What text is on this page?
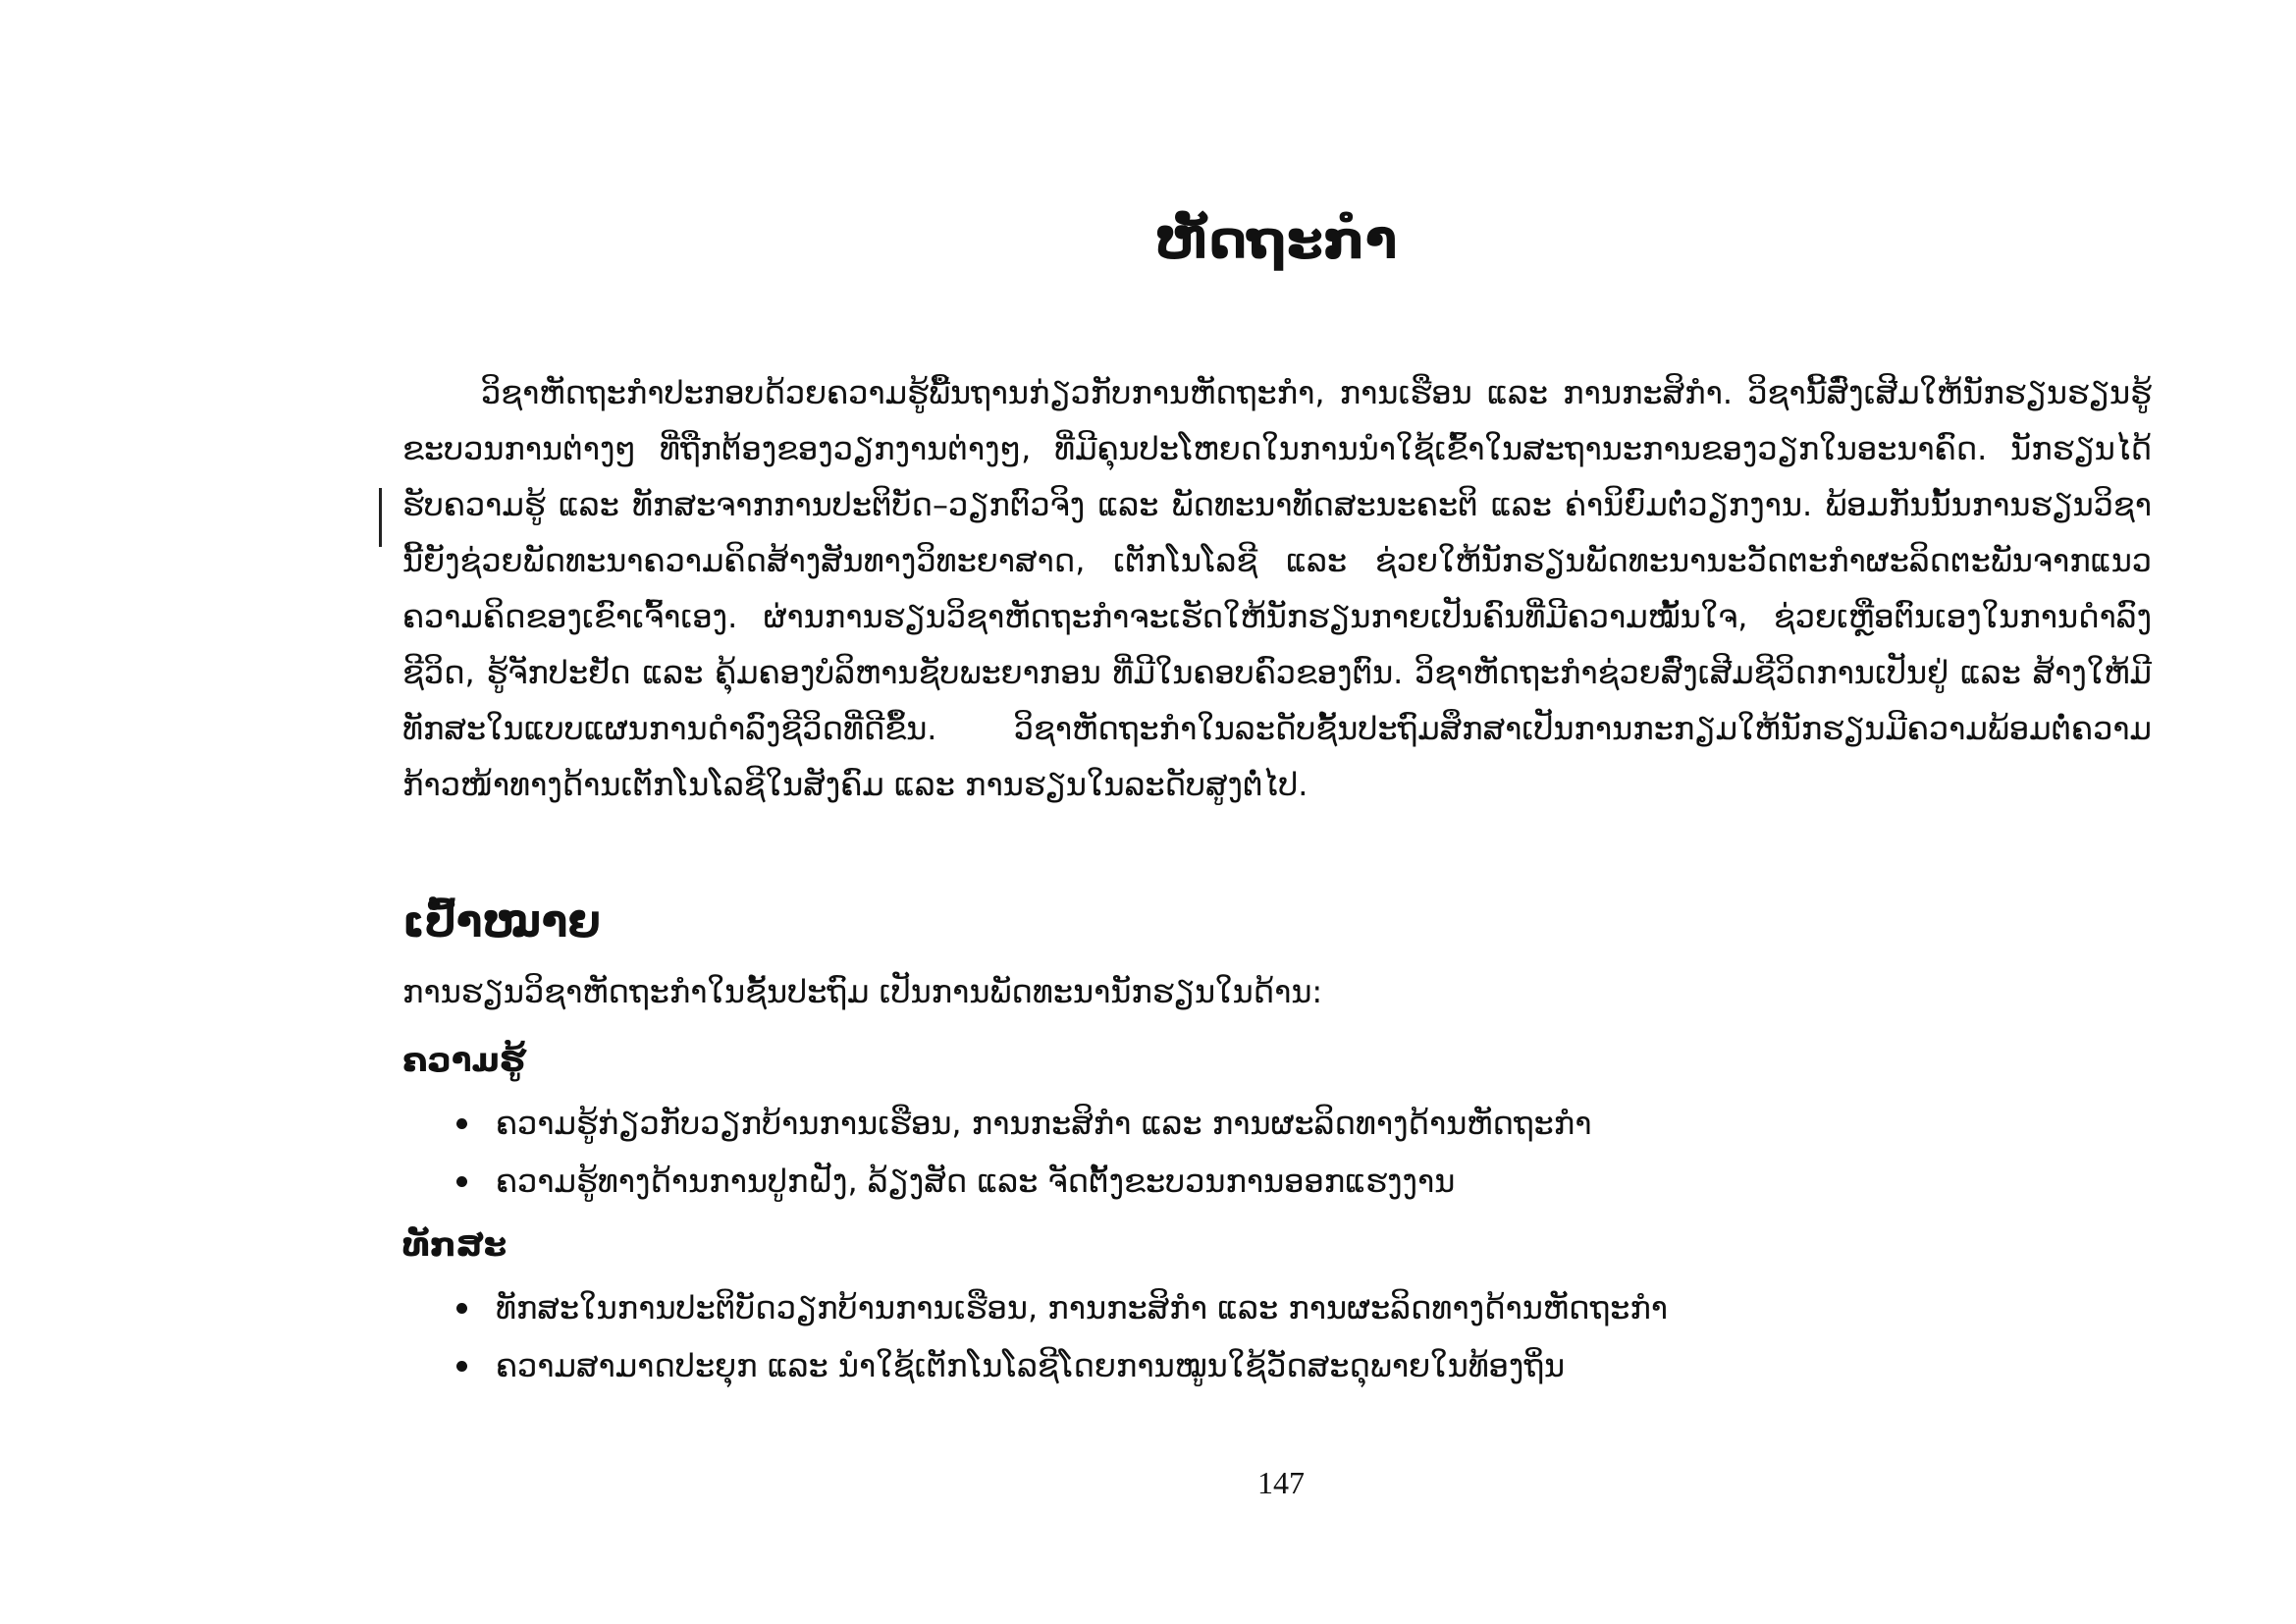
ຫັດຖະກຳ

ວິຊາຫັດຖະກຳປະກອບດ້ວຍຄວາມຮູ້ພື້ນຖານກ່ຽວກັບການຫັດຖະກຳ, ການເຮືອນ ແລະ ການກະສິກຳ. ວິຊານີ້ສົ່ງເສີມໃຫ້ນັກຮຽນຮຽນຮູ້ຂະບວນການຕ່າງໆ ທີ່ຖືກຕ້ອງຂອງວຽກງານຕ່າງໆ, ທີ່ມີຄຸນປະໂຫຍດໃນການນຳໃຊ້ເຂົ້າໃນສະຖານະການຂອງວຽກໃນອະນາຄົດ. ນັກຮຽນໄດ້ຮັບຄວາມຮູ້ ແລະ ທັກສະຈາກການປະຕິບັດ–ວຽກຕົວຈິງ ແລະ ພັດທະນາທັດສະນະຄະຕິ ແລະ ຄ່ານິຍົມຕໍ່ວຽກງານ. ພ້ອມກັນນັ້ນການຮຽນວິຊານີ້ຍັງຊ່ວຍພັດທະນາຄວາມຄິດສ້າງສັນທາງວິທະຍາສາດ, ເຕັກໂນໂລຊີ ແລະ ຊ່ວຍໃຫ້ນັກຮຽນພັດທະນານະວັດຕະກຳຜະລິດຕະພັນຈາກແນວຄວາມຄິດຂອງເຂົາເຈົ້າເອງ. ຜ່ານການຮຽນວິຊາຫັດຖະກຳຈະເຮັດໃຫ້ນັກຮຽນກາຍເປັນຄົນທີ່ມີຄວາມໝັ້ນໃຈ, ຊ່ວຍເຫຼືອຕົນເອງໃນການດຳລົງຊີວິດ, ຮູ້ຈັກປະຢັດ ແລະ ຄຸ້ມຄອງບໍລິຫານຊັບພະຍາກອນ ທີ່ມີໃນຄອບຄົວຂອງຕົນ. ວິຊາຫັດຖະກຳຊ່ວຍສົ່ງເສີມຊີວິດການເປັນຢູ່ ແລະ ສ້າງໃຫ້ມີທັກສະໃນແບບແຜນການດຳລົງຊີວິດທີ່ດີຂຶ້ນ. ວິຊາຫັດຖະກຳໃນລະດັບຊັ້ນປະຖົມສຶກສາເປັນການກະກຽມໃຫ້ນັກຮຽນມີຄວາມພ້ອມຕໍ່ຄວາມກ້າວໜ້າທາງດ້ານເຕັກໂນໂລຊີໃນສັງຄົມ ແລະ ການຮຽນໃນລະດັບສູງຕໍ່ໄປ.

ເປົ້າໝາຍ

ການຮຽນວິຊາຫັດຖະກຳໃນຊັ້ນປະຖົມ ເປັນການພັດທະນານັກຮຽນໃນດ້ານ:

ຄວາມຮູ້
ຄວາມຮູ້ກ່ຽວກັບວຽກບ້ານການເຮືອນ, ການກະສິກຳ ແລະ ການຜະລິດທາງດ້ານຫັດຖະກຳ
ຄວາມຮູ້ທາງດ້ານການປູກຝັງ, ລ້ຽງສັດ ແລະ ຈັດຕັ້ງຂະບວນການອອກແຮງງານ
ທັກສະ
ທັກສະໃນການປະຕິບັດວຽກບ້ານການເຮືອນ, ການກະສິກຳ ແລະ ການຜະລິດທາງດ້ານຫັດຖະກຳ
ຄວາມສາມາດປະຍຸກ ແລະ ນຳໃຊ້ເຕັກໂນໂລຊີໂດຍການໝູນໃຊ້ວັດສະດຸພາຍໃນທ້ອງຖິ່ນ

147
